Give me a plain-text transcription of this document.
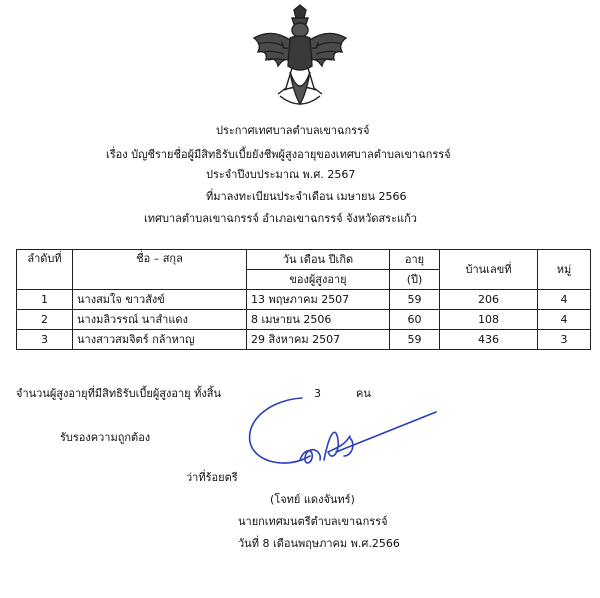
ประกาศเทศบาลตำบลเขาฉกรรจ์
เรื่อง บัญชีรายชื่อผู้มีสิทธิรับเบี้ยยังชีพผู้สูงอายุของเทศบาลตำบลเขาฉกรรจ์
ประจำปีงบประมาณ พ.ศ. 2567
ที่มาลงทะเบียนประจำเดือน เมษายน 2566
เทศบาลตำบลเขาฉกรรจ์ อำเภอเขาฉกรรจ์ จังหวัดสระแก้ว
ลำดับที่	ชื่อ – สกุล	วัน เดือน ปีเกิด	อายุ	บ้านเลขที่	หมู่
		ของผู้สูงอายุ	(ปี)		
1	นางสมใจ ขาวสังข์	13 พฤษภาคม 2507	59	206	4
2	นางมลิวรรณ์ นาสำแดง	8 เมษายน 2506	60	108	4
3	นางสาวสมจิตร์ กล้าหาญ	29 สิงหาคม 2507	59	436	3
จำนวนผู้สูงอายุที่มีสิทธิรับเบี้ยผู้สูงอายุ ทั้งสิ้น	3	คน
รับรองความถูกต้อง
ว่าที่ร้อยตรี
(โจทย์ แดงจันทร์)
นายกเทศมนตรีตำบลเขาฉกรรจ์
วันที่ 8 เดือนพฤษภาคม พ.ศ.2566
